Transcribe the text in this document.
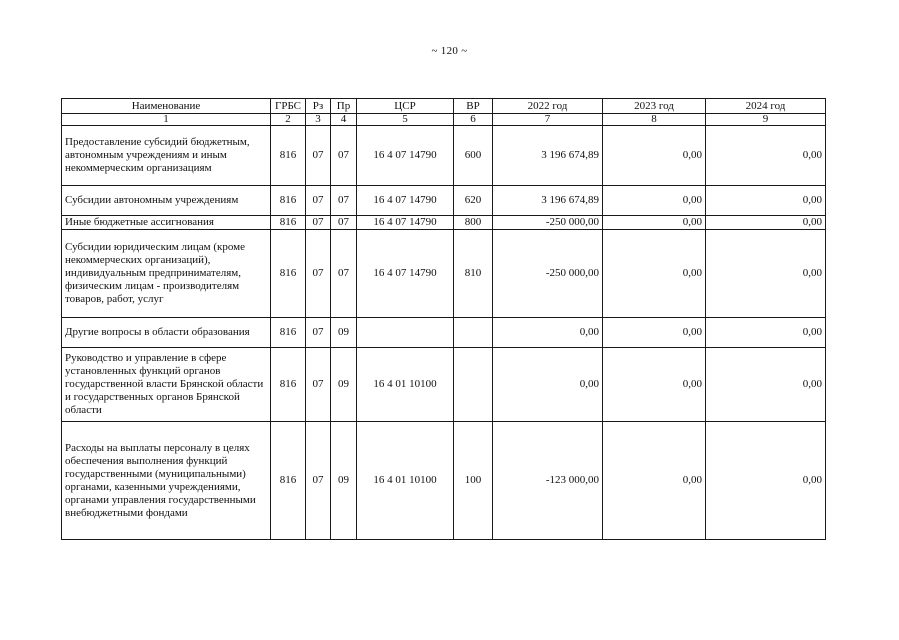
~ 120 ~
Наименование	ГРБС	Рз	Пр	ЦСР	ВР	2022 год	2023 год	2024 год
1	2	3	4	5	6	7	8	9
Предоставление субсидий бюджетным, автономным учреждениям и иным некоммерческим организациям	816	07	07	16 4 07 14790	600	3 196 674,89	0,00	0,00
Субсидии автономным учреждениям	816	07	07	16 4 07 14790	620	3 196 674,89	0,00	0,00
Иные бюджетные ассигнования	816	07	07	16 4 07 14790	800	-250 000,00	0,00	0,00
Субсидии юридическим лицам (кроме некоммерческих организаций), индивидуальным предпринимателям, физическим лицам - производителям товаров, работ, услуг	816	07	07	16 4 07 14790	810	-250 000,00	0,00	0,00
Другие вопросы в области образования	816	07	09			0,00	0,00	0,00
Руководство и управление в сфере установленных функций органов государственной власти Брянской области и государственных органов Брянской области	816	07	09	16 4 01 10100		0,00	0,00	0,00
Расходы на выплаты персоналу в целях обеспечения выполнения функций государственными (муниципальными) органами, казенными учреждениями, органами управления государственными внебюджетными фондами	816	07	09	16 4 01 10100	100	-123 000,00	0,00	0,00
